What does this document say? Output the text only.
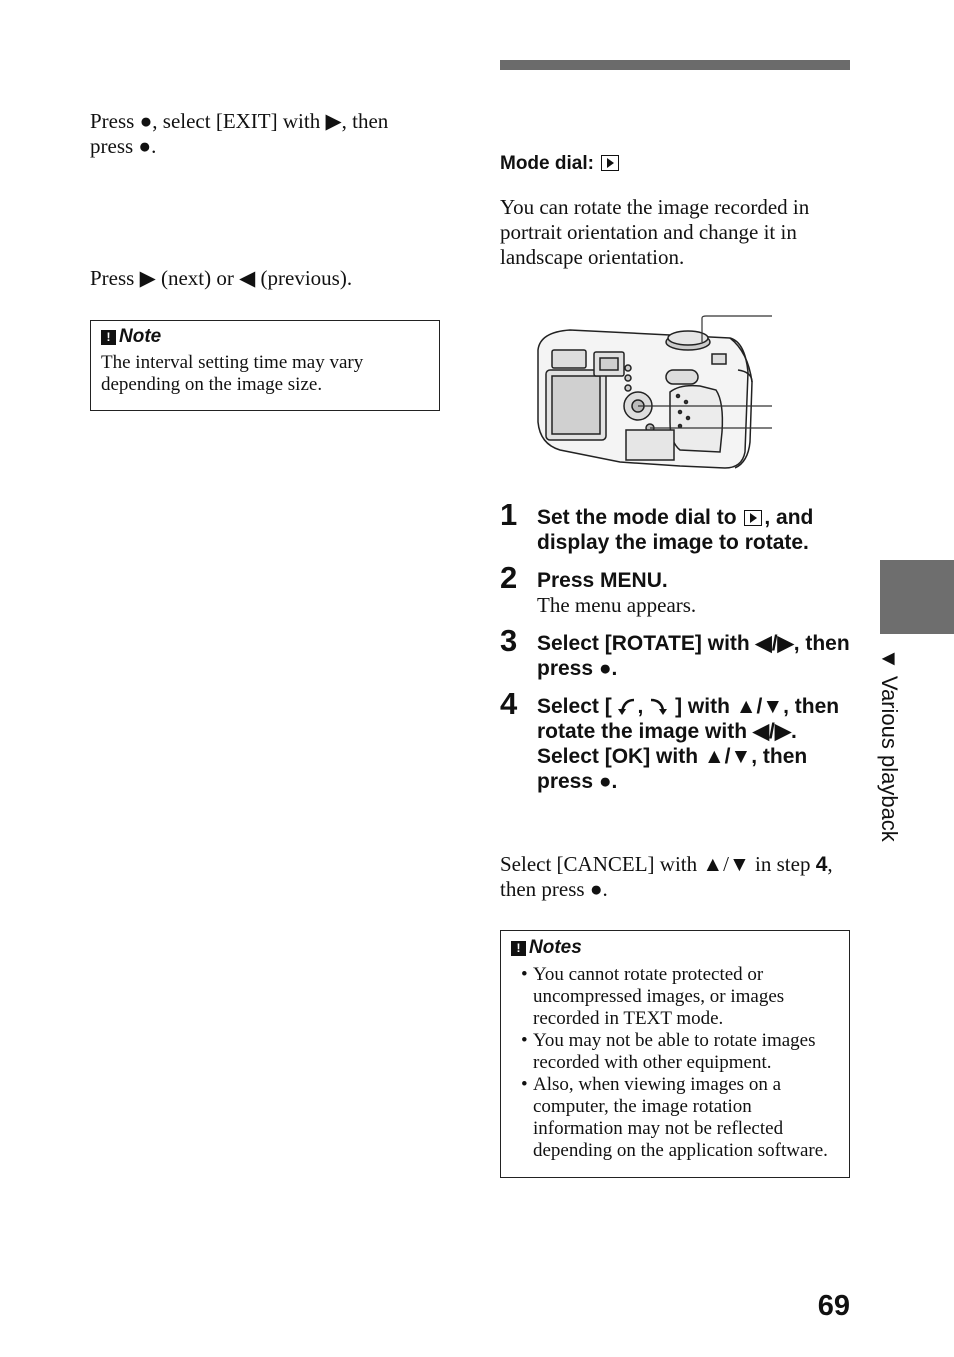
Press ●, select [EXIT] with ▶, then press ●.
Press ▶ (next) or ◀ (previous).
! Note
The interval setting time may vary depending on the image size.
Mode dial:
You can rotate the image recorded in portrait orientation and change it in landscape orientation.
1 Set the mode dial to , and display the image to rotate.
2 Press MENU.
The menu appears.
3 Select [ROTATE] with ◀/▶, then press ●.
4 Select [ , ] with ▲/▼, then rotate the image with ◀/▶. Select [OK] with ▲/▼, then press ●.
Select [CANCEL] with ▲/▼ in step 4, then press ●.
! Notes
• You cannot rotate protected or uncompressed images, or images recorded in TEXT mode.
• You may not be able to rotate images recorded with other equipment.
• Also, when viewing images on a computer, the image rotation information may not be reflected depending on the application software.
▼ Various playback
69
